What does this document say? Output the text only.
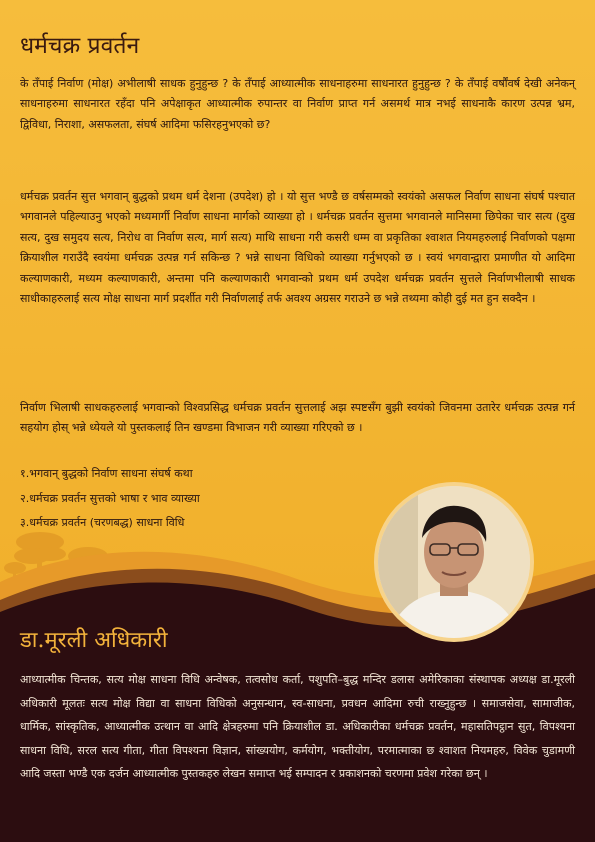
धर्मचक्र प्रवर्तन

के तँपाई निर्वाण (मोक्ष) अभीलाषी साधक हुनुहुन्छ ? के तँपाई आध्यात्मीक साधनाहरुमा साधनारत हुनुहुन्छ ? के तँपाई वर्षौंवर्ष देखी अनेकन् साधनाहरुमा साधनारत रहँदा पनि अपेक्षाकृत आध्यात्मीक रुपान्तर वा निर्वाण प्राप्त गर्न असमर्थ मात्र नभई साधनाकै कारण उत्पन्न भ्रम, द्विविधा, निराशा, असफलता, संघर्ष आदिमा फसिरहनुभएको छ?

धर्मचक्र प्रवर्तन सुत्त भगवान् बुद्धको प्रथम धर्म देशना (उपदेश) हो । यो सुत्त भण्डै छ वर्षसम्मको स्वयंको असफल निर्वाण साधना संघर्ष पश्चात भगवानले पहिल्याउनु भएको मध्यमार्गी निर्वाण साधना मार्गको व्याख्या हो । धर्मचक्र प्रवर्तन सुत्तमा भगवानले मानिसमा छिपेका चार सत्य (दुख सत्य, दुख समुदय सत्य, निरोध वा निर्वाण सत्य, मार्ग सत्य) माथि साधना गरी कसरी धम्म वा प्रकृतिका श्वाशत नियमहरुलाई निर्वाणको पक्षमा क्रियाशील गराउँदै स्वयंमा धर्मचक्र उत्पन्न गर्न सकिन्छ ? भन्ने साधना विधिको व्याख्या गर्नुभएको छ । स्वयं भगवान्द्वारा प्रमाणीत यो आदिमा कल्याणकारी, मध्यम कल्याणकारी, अन्तमा पनि कल्याणकारी भगवान्को प्रथम धर्म उपदेश धर्मचक्र प्रवर्तन सुत्तले निर्वाणभीलाषी साधक साधीकाहरुलाई सत्य मोक्ष साधना मार्ग प्रदर्शीत गरी निर्वाणलाई तर्फ अवश्य अग्रसर गराउने छ भन्ने तथ्यमा कोही दुई मत हुन सक्दैन ।

निर्वाण भिलाषी साधकहरुलाई भगवान्को विश्वप्रसिद्ध धर्मचक्र प्रवर्तन सुत्तलाई अझ स्पष्टसँग बुझी स्वयंको जिवनमा उतारेर धर्मचक्र उत्पन्न गर्न सहयोग होस् भन्ने ध्येयले यो पुस्तकलाई तिन खण्डमा विभाजन गरी व्याख्या गरिएको छ ।

१.भगवान् बुद्धको निर्वाण साधना संघर्ष कथा
२.धर्मचक्र प्रवर्तन सुत्तको भाषा र भाव व्याख्या
३.धर्मचक्र प्रवर्तन (चरणबद्ध) साधना विधि
डा.मूरली अधिकारी

आध्यात्मीक चिन्तक, सत्य मोक्ष साधना विधि अन्वेषक, तत्वसोध कर्ता, पशुपति–बुद्ध मन्दिर डलास अमेरिकाका संस्थापक अध्यक्ष डा.मूरली अधिकारी मूलतः सत्य मोक्ष विद्या वा साधना विधिको अनुसन्धान, स्व-साधना, प्रवधन आदिमा रुची राख्नुहुन्छ । समाजसेवा, सामाजीक, धार्मिक, सांस्कृतिक, आध्यात्मीक उत्थान वा आदि क्षेत्रहरुमा पनि क्रियाशील डा. अधिकारीका धर्मचक्र प्रवर्तन, महासतिपट्ठान सुत, विपश्यना साधना विधि, सरल सत्य गीता, गीता विपश्यना विज्ञान, सांख्ययोग, कर्मयोग, भक्तीयोग, परमात्माका छ श्वाशत नियमहरु, विवेक चुडामणी आदि जस्ता भण्डै एक दर्जन आध्यात्मीक पुस्तकहरु लेखन समाप्त भई सम्पादन र प्रकाशनको चरणमा प्रवेश गरेका छन् ।
